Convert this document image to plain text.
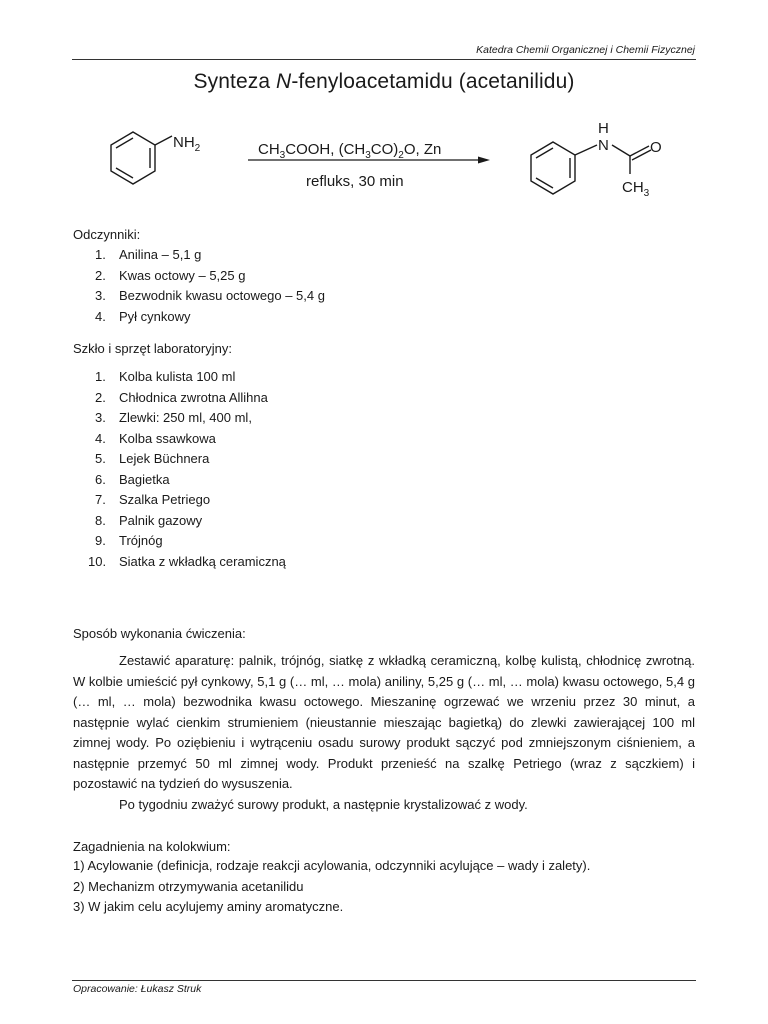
Katedra Chemii Organicznej i Chemii Fizycznej
Synteza N-fenyloacetamidu (acetanilidu)
$NH_2$	$CH_3COOH$, $(CH_3CO)_2O$, Zn
refluks, 30 min
H
N	O
$CH_3$
Odczynniki:
1. Anilina – 5,1 g
2. Kwas octowy – 5,25 g
3. Bezwodnik kwasu octowego – 5,4 g
4. Pył cynkowy
Szkło i sprzęt laboratoryjny:
1. Kolba kulista 100 ml
2. Chłodnica zwrotna Allihna
3. Zlewki: 250 ml, 400 ml,
4. Kolba ssawkowa
5. Lejek Büchnera
6. Bagietka
7. Szalka Petriego
8. Palnik gazowy
9. Trójnóg
10. Siatka z wkładką ceramiczną
Sposób wykonania ćwiczenia:

Zestawić aparaturę: palnik, trójnóg, siatkę z wkładką ceramiczną, kolbę kulistą, chłodnicę zwrotną. W kolbie umieścić pył cynkowy, 5,1 g (… ml, … mola) aniliny, 5,25 g (… ml, … mola) kwasu octowego, 5,4 g (… ml, … mola) bezwodnika kwasu octowego. Mieszaninę ogrzewać we wrzeniu przez 30 minut, a następnie wylać cienkim strumieniem (nieustannie mieszając bagietką) do zlewki zawierającej 100 ml zimnej wody. Po oziębieniu i wytrąceniu osadu surowy produkt sączyć pod zmniejszonym ciśnieniem, a następnie przemyć 50 ml zimnej wody. Produkt przenieść na szalkę Petriego (wraz z sączkiem) i pozostawić na tydzień do wysuszenia.

Po tygodniu zważyć surowy produkt, a następnie krystalizować z wody.

Zagadnienia na kolokwium:
1) Acylowanie (definicja, rodzaje reakcji acylowania, odczynniki acylujące – wady i zalety).
2) Mechanizm otrzymywania acetanilidu
3) W jakim celu acylujemy aminy aromatyczne.
Opracowanie: Łukasz Struk
